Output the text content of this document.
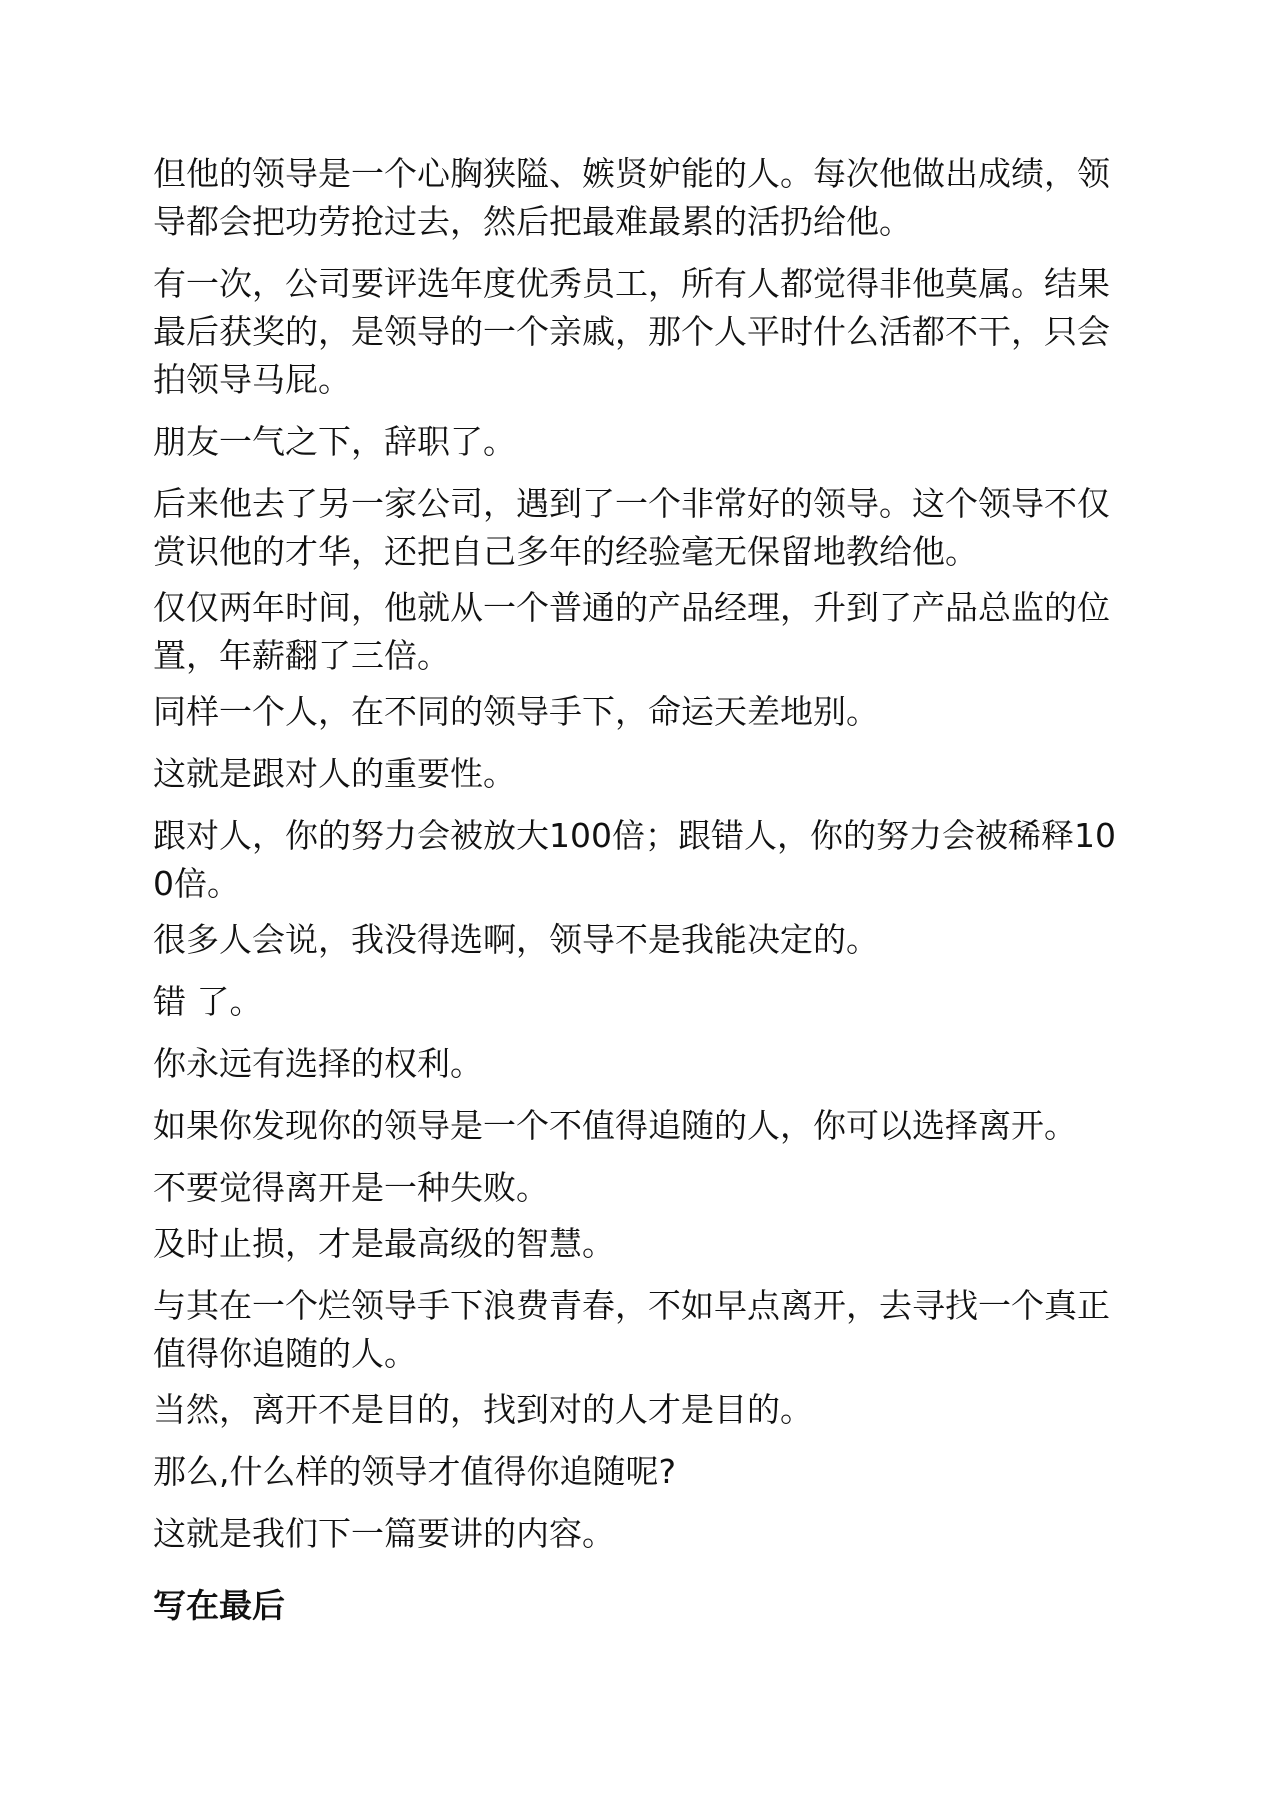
但他的领导是一个心胸狭隘、嫉贤妒能的人。每次他做出成绩，领导都会把功劳抢过去，然后把最难最累的活扔给他。

有一次，公司要评选年度优秀员工，所有人都觉得非他莫属。结果最后获奖的，是领导的一个亲戚，那个人平时什么活都不干，只会拍领导马屁。

朋友一气之下，辞职了。

后来他去了另一家公司，遇到了一个非常好的领导。这个领导不仅赏识他的才华，还把自己多年的经验毫无保留地教给他。

仅仅两年时间，他就从一个普通的产品经理，升到了产品总监的位置，年薪翻了三倍。

同样一个人，在不同的领导手下，命运天差地别。

这就是跟对人的重要性。

跟对人，你的努力会被放大100倍；跟错人，你的努力会被稀释100倍。

很多人会说，我没得选啊，领导不是我能决定的。

错 了。

你永远有选择的权利。

如果你发现你的领导是一个不值得追随的人，你可以选择离开。

不要觉得离开是一种失败。

及时止损，才是最高级的智慧。

与其在一个烂领导手下浪费青春，不如早点离开，去寻找一个真正值得你追随的人。

当然，离开不是目的，找到对的人才是目的。

那么,什么样的领导才值得你追随呢?

这就是我们下一篇要讲的内容。

写在最后
